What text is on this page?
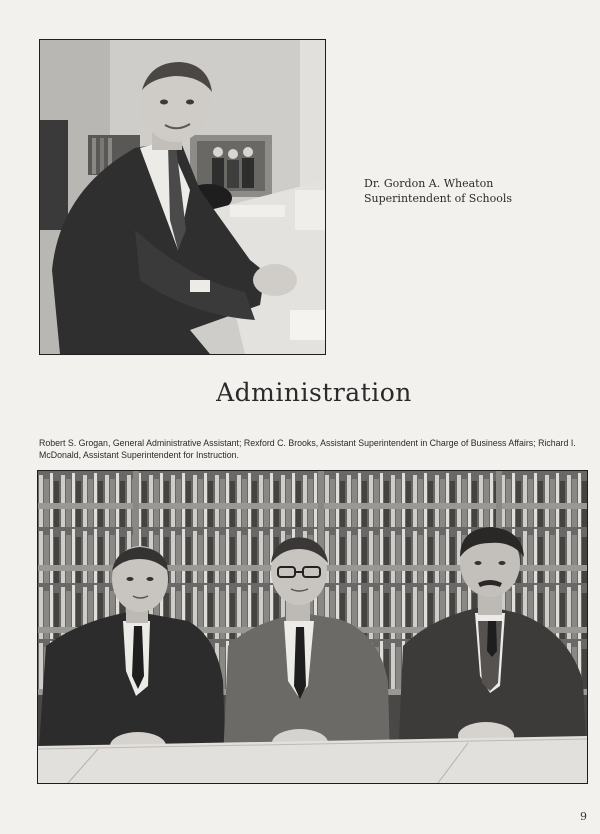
Dr. Gordon A. Wheaton
Superintendent of Schools
Administration
Robert S. Grogan, General Administrative Assistant; Rexford C. Brooks, Assistant Superintendent in Charge of Business Affairs; Richard I. McDonald, Assistant Superintendent for Instruction.
9
